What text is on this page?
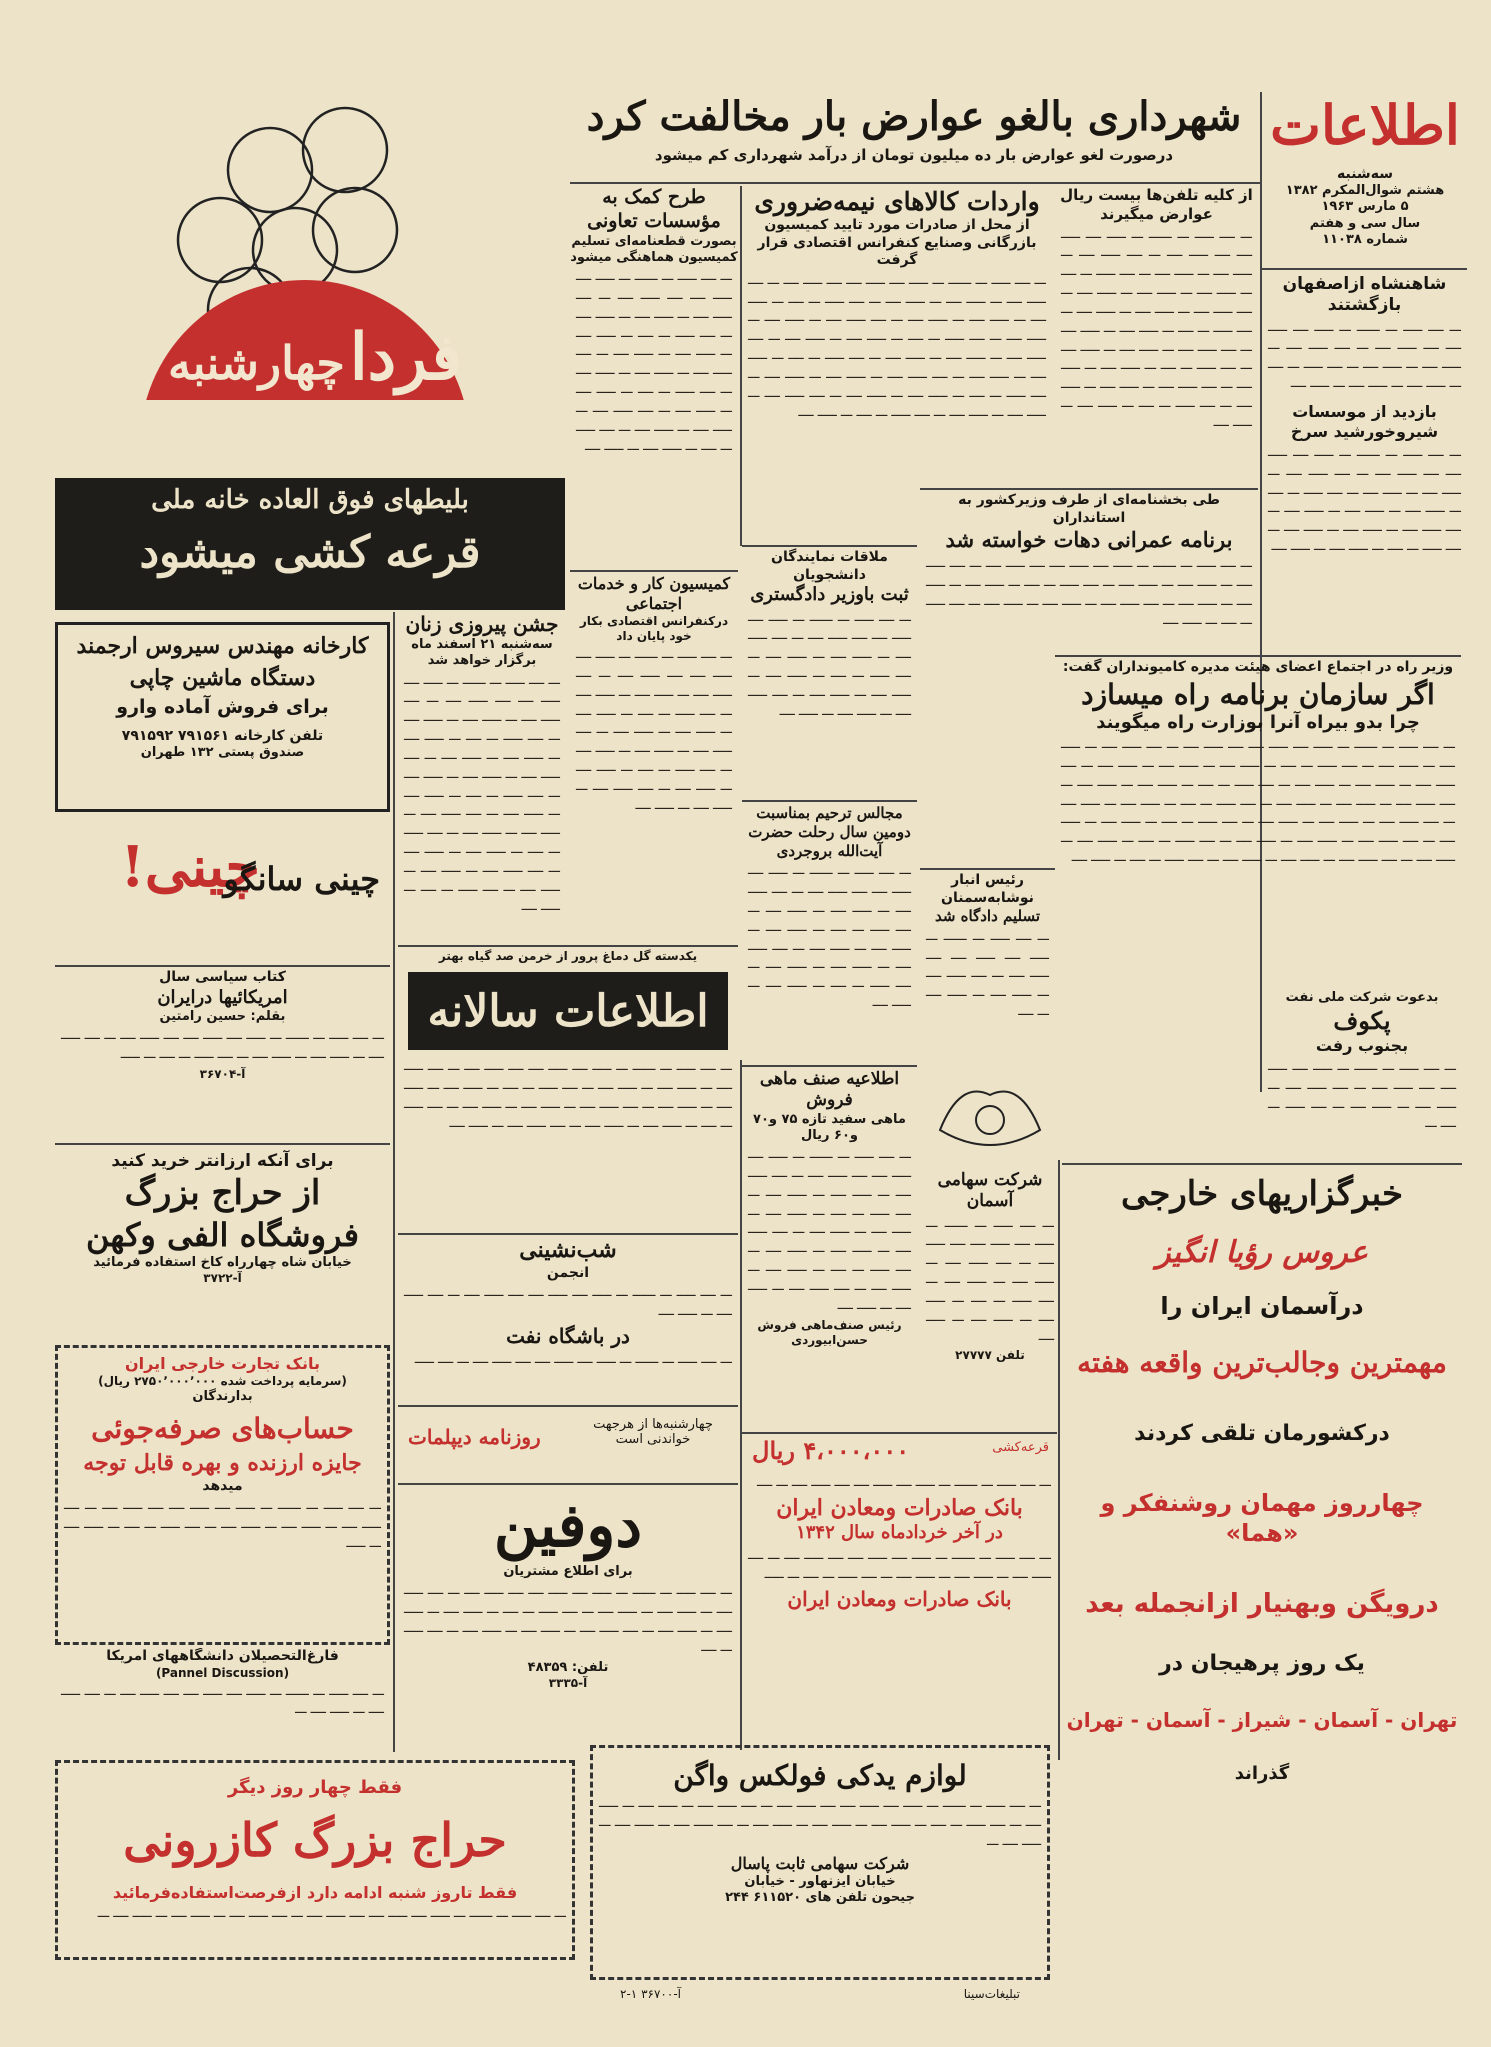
اطلاعات
سه‌شنبه
هشتم شوال‌المکرم ۱۳۸۲
۵ مارس ۱۹۶۳
سال سی و هفتم
شماره ۱۱۰۳۸
شاهنشاه ازاصفهان بازگشتند
ـــ ــــ ـــــ ـــ ــــــ ـــ ـــــ ــــ ـــــ ــــ ــــ ـــــ ــــ ـــ ــــ ـــــ ــــ ـــ ـــــ ــــ ـــ ـــــ ــــ ـــ ــــ ـــــ ـــ ــــ ـــ ـــــ ــــ ـــ ـــــ ــــ ـــ ـــــ ــــ
بازدید از موسسات شیروخورشید سرخ
ـــ ــــ ـــــ ـــ ــــــ ـــ ـــــ ــــ ـــــ ــــ ــــ ـــــ ــــ ـــ ــــ ـــــ ــــ ـــ ـــــ ــــ ـــ ـــــ ــــ ـــ ــــ ـــــ ـــ ــــ ـــ ـــــ ــــ ـــ ـــــ ــــ ـــ ـــــ ــــ ـــ ــــ ـــــ ــــ ـــ ـــــ ــــ ـــ ـــــ ــــ ـــ ــــ ـــــ ـــ ــــ ـــ ـــــ ــــ ـــ ـــــ ــــ
شهرداری بالغو عوارض بار مخالفت کرد
درصورت لغو عوارض بار ده میلیون تومان از درآمد شهرداری کم میشود
از کلیه تلفن‌ها بیست ریال عوارض میگیرند
ـــ ــــ ـــــ ـــ ــــــ ـــ ـــــ ــــ ـــــ ــــ ــــ ـــــ ــــ ـــ ــــ ـــــ ــــ ـــ ـــــ ــــ ـــ ـــــ ــــ ـــ ــــ ـــــ ـــ ــــ ـــ ـــــ ــــ ـــ ـــــ ــــ ـــ ـــــ ــــ ـــ ــــ ـــــ ــــ ـــ ـــــ ــــ ـــ ـــــ ــــ ـــ ــــ ـــــ ـــ ــــ ـــ ـــــ ــــ ـــ ـــــ ــــ ـــ ــــ ـــــ ــــ ـــ ـــــ ــــ ـــ ـــــ ــــ ـــ ــــ ـــــ ـــ ــــ ـــ ـــــ ــــ ـــ ـــــ ــــ ـــ ــــ ـــــ ــــ ـــ ـــــ ــــ ـــ ـــــ ــــ ـــ ــــ ـــــ ـــ ــــ ـــ ـــــ ــــ ـــ ـــــ ــــ
واردات کالاهای نیمه‌ضروری
از محل از صادرات مورد تایید کمیسیون بازرگانی وصنایع کنفرانس اقتصادی قرار گرفت
ـــ ــــ ـــــ ـــ ــــــ ـــ ـــــ ــــ ـــــ ــــ ــــ ـــــ ــــ ـــ ــــ ـــــ ــــ ـــ ـــــ ــــ ـــ ـــــ ــــ ـــ ــــ ـــــ ـــ ــــ ـــ ـــــ ــــ ـــ ـــــ ــــ ـــ ـــــ ــــ ـــ ــــ ـــــ ــــ ـــ ـــــ ــــ ـــ ـــــ ــــ ـــ ــــ ـــــ ـــ ــــ ـــ ـــــ ــــ ـــ ـــــ ــــ ـــ ــــ ـــــ ــــ ـــ ـــــ ــــ ـــ ـــــ ــــ ـــ ــــ ـــــ ـــ ــــ ـــ ـــــ ــــ ـــ ـــــ ــــ ـــ ــــ ـــــ ــــ ـــ ـــــ ــــ ـــ ـــــ ــــ ـــ ــــ ـــــ ـــ ــــ ـــ ـــــ ــــ ـــ ـــــ ــــ ـــ ــــ ـــــ ــــ ـــ ـــــ ــــ ـــ ـــــ ــــ ـــ ــــ ـــــ ـــ ــــ ـــ ـــــ ــــ
طرح کمک به مؤسسات تعاونی
بصورت قطعنامه‌ای تسلیم کمیسیون هماهنگی میشود
ـــ ــــ ـــــ ـــ ــــــ ـــ ـــــ ــــ ـــــ ــــ ــــ ـــــ ــــ ـــ ــــ ـــــ ــــ ـــ ـــــ ــــ ـــ ـــــ ــــ ـــ ــــ ـــــ ـــ ــــ ـــ ـــــ ــــ ـــ ـــــ ــــ ـــ ـــــ ــــ ـــ ــــ ـــــ ــــ ـــ ـــــ ــــ ـــ ـــــ ــــ ـــ ــــ ـــــ ـــ ــــ ـــ ـــــ ــــ ـــ ـــــ ــــ ـــ ــــ ـــــ ــــ ـــ ـــــ ــــ ـــ ـــــ ــــ ـــ ــــ ـــــ ـــ ــــ ـــ ـــــ ــــ ـــ ـــــ ــــ
ملاقات نمایندگان دانشجویان
ثبت باوزیر دادگستری
ـــ ــــ ـــــ ـــ ــــــ ـــ ـــــ ــــ ـــــ ــــ ــــ ـــــ ــــ ـــ ــــ ـــــ ــــ ـــ ـــــ ــــ ـــ ـــــ ــــ ـــ ــــ ـــــ ـــ ــــ ـــ ـــــ ــــ ـــ ـــــ ــــ ـــ ـــــ ــــ ـــ ــــ ـــــ ــــ ـــ ـــــ ــــ ـــ ـــــ ــــ
طی بخشنامه‌ای از طرف وزیرکشور به استانداران
برنامه عمرانی دهات خواسته شد
ـــ ــــ ـــــ ـــ ــــــ ـــ ـــــ ــــ ـــــ ــــ ــــ ـــــ ــــ ـــ ــــ ـــــ ــــ ـــ ـــــ ــــ ـــ ـــــ ــــ ـــ ــــ ـــــ ـــ ــــ ـــ ـــــ ــــ ـــ ـــــ ــــ ـــ ـــــ ــــ ـــ ــــ ـــــ ــــ ـــ ـــــ ــــ ـــ ـــــ ــــ ـــ ــــ ـــــ ـــ ــــ ـــ ـــــ ــــ
کمیسیون کار و خدمات اجتماعی
درکنفرانس اقتصادی بکار خود پایان داد
ـــ ــــ ـــــ ـــ ــــــ ـــ ـــــ ــــ ـــــ ــــ ــــ ـــــ ــــ ـــ ــــ ـــــ ــــ ـــ ـــــ ــــ ـــ ـــــ ــــ ـــ ــــ ـــــ ـــ ــــ ـــ ـــــ ــــ ـــ ـــــ ــــ ـــ ـــــ ــــ ـــ ــــ ـــــ ــــ ـــ ـــــ ــــ ـــ ـــــ ــــ ـــ ــــ ـــــ ـــ ــــ ـــ ـــــ ــــ ـــ ـــــ ــــ ـــ ــــ ـــــ ــــ ـــ ـــــ ــــ ـــ ـــــ ــــ
وزیر راه در اجتماع اعضای هیئت مدیره کامیونداران گفت:
اگر سازمان برنامه راه میسازد
چرا بدو بیراه آنرا بوزارت راه میگویند
ـــ ــــ ـــــ ـــ ــــــ ـــ ـــــ ــــ ـــــ ــــ ــــ ـــــ ــــ ـــ ــــ ـــــ ــــ ـــ ـــــ ــــ ـــ ـــــ ــــ ـــ ــــ ـــــ ـــ ــــ ـــ ـــــ ــــ ـــ ـــــ ــــ ـــ ـــــ ــــ ـــ ــــ ـــــ ــــ ـــ ـــــ ــــ ـــ ـــــ ــــ ـــ ــــ ـــــ ـــ ــــ ـــ ـــــ ــــ ـــ ـــــ ــــ ـــ ــــ ـــــ ــــ ـــ ـــــ ــــ ـــ ـــــ ــــ ـــ ــــ ـــــ ـــ ــــ ـــ ـــــ ــــ ـــ ـــــ ــــ ـــ ــــ ـــــ ــــ ـــ ـــــ ــــ ـــ ـــــ ــــ ـــ ــــ ـــــ ـــ ــــ ـــ ـــــ ــــ ـــ ـــــ ــــ ـــ ــــ ـــــ ــــ ـــ ـــــ ــــ ـــ ـــــ ــــ ـــ ــــ ـــــ ـــ ــــ ـــ ـــــ ــــ ـــ ـــــ ــــ ـــ ــــ ـــــ ــــ ـــ ـــــ ــــ ـــ ـــــ ــــ ـــ ــــ ـــــ ـــ ــــ ـــ ـــــ ــــ
بدعوت شرکت ملی نفت
پکوف
بجنوب رفت
ـــ ــــ ـــــ ـــ ــــــ ـــ ـــــ ــــ ـــــ ــــ ــــ ـــــ ــــ ـــ ــــ ـــــ ــــ ـــ ـــــ ــــ ـــ ـــــ ــــ ـــ ــــ ـــــ ـــ ــــ ـــ
مجالس ترحیم بمناسبت دومین سال رحلت حضرت آیت‌الله بروجردی
ـــ ــــ ـــــ ـــ ــــــ ـــ ـــــ ــــ ـــــ ــــ ــــ ـــــ ــــ ـــ ــــ ـــــ ــــ ـــ ـــــ ــــ ـــ ـــــ ــــ ـــ ــــ ـــــ ـــ ــــ ـــ ـــــ ــــ ـــ ـــــ ــــ ـــ ـــــ ــــ ـــ ــــ ـــــ ــــ ـــ ـــــ ــــ ـــ ـــــ ــــ ـــ ــــ ـــــ ـــ ــــ ـــ ـــــ ــــ ـــ ـــــ ــــ
رئیس انبار نوشابه‌سمنان
تسلیم دادگاه شد
ـــ ــــ ـــــ ـــ ــــــ ـــ ـــــ ــــ ـــــ ــــ ــــ ـــــ ــــ ـــ ــــ ـــــ ــــ ـــ ـــــ ــــ ـــ ـــــ ــــ ـــ ــــ
فردا چهارشنبه
بلیطهای فوق العاده خانه ملی
قرعه کشی میشود
کارخانه مهندس سیروس ارجمند
دستگاه ماشین چاپی
برای فروش آماده وارو
تلفن کارخانه ۷۹۱۵۶۱ ۷۹۱۵۹۲
صندوق پستی ۱۳۲ طهران
چینی!
چینی سانگو
کتاب سیاسی سال
امریکائیها درایران
بقلم: حسین رامتین
ـــ ــــ ـــــ ـــ ــــــ ـــ ـــــ ــــ ـــــ ــــ ــــ ـــــ ــــ ـــ ــــ ـــــ ــــ ـــ ـــــ ــــ ـــ ـــــ ــــ ـــ ــــ ـــــ ـــ ــــ ـــ ـــــ
آ-۳۶۷۰۴
برای آنکه ارزانتر خرید کنید
از حراج بزرگ
فروشگاه الفی وکهن
خیابان شاه چهارراه کاخ استفاده فرمائید
آ-۳۷۲۲
بانک تجارت خارجی ایران
(سرمایه پرداخت شده ۲۷۵۰٬۰۰۰٬۰۰۰ ریال)
بدارندگان
حساب‌های صرفه‌جوئی
جایزه ارزنده و بهره قابل توجه
میدهد
ـــ ــــ ـــــ ـــ ــــــ ـــ ـــــ ــــ ـــــ ــــ ــــ ـــــ ــــ ـــ ــــ ـــــ ــــ ـــ ـــــ ــــ ـــ ـــــ ــــ ـــ ــــ ـــــ ـــ ــــ ـــ ـــــ ــــ ـــ ـــــ
فارغ‌التحصیلان دانشگاههای امریکا
(Pannel Discussion)
ـــ ــــ ـــــ ـــ ــــــ ـــ ـــــ ــــ ـــــ ــــ ــــ ـــــ ــــ ـــ ــــ ـــــ ــــ ـــ ـــــ ــــ ـــ
جشن پیروزی زنان
سه‌شنبه ۲۱ اسفند ماه برگزار خواهد شد
ـــ ــــ ـــــ ـــ ــــــ ـــ ـــــ ــــ ـــــ ــــ ــــ ـــــ ــــ ـــ ــــ ـــــ ــــ ـــ ـــــ ــــ ـــ ـــــ ــــ ـــ ــــ ـــــ ـــ ــــ ـــ ـــــ ــــ ـــ ـــــ ــــ ـــ ـــــ ــــ ـــ ــــ ـــــ ــــ ـــ ـــــ ــــ ـــ ـــــ ــــ ـــ ــــ ـــــ ـــ ــــ ـــ ـــــ ــــ ـــ ـــــ ــــ ـــ ــــ ـــــ ــــ ـــ ـــــ ــــ ـــ ـــــ ــــ ـــ ــــ ـــــ ـــ ــــ ـــ ـــــ ــــ ـــ ـــــ ــــ ـــ ــــ ـــــ ــــ ـــ ـــــ ــــ ـــ ـــــ ــــ ـــ ــــ ـــــ ـــ ــــ ـــ ـــــ ــــ
یکدسته گل دماغ پرور از خرمن صد گیاه بهتر
اطلاعات سالانه
ـــ ــــ ـــــ ـــ ــــــ ـــ ـــــ ــــ ـــــ ــــ ــــ ـــــ ــــ ـــ ــــ ـــــ ــــ ـــ ـــــ ــــ ـــ ـــــ ــــ ـــ ــــ ـــــ ـــ ــــ ـــ ـــــ ــــ ـــ ـــــ ــــ ـــ ـــــ ــــ ـــ ــــ ـــــ ــــ ـــ ـــــ ــــ ـــ ـــــ ــــ ـــ ــــ ـــــ ـــ ــــ ـــ ـــــ ــــ ـــ ـــــ ــــ ـــ ــــ ـــــ ــــ ـــ ـــــ ــــ
شب‌نشینی
انجمن
ـــ ــــ ـــــ ـــ ــــــ ـــ ـــــ ــــ ـــــ ــــ ــــ ـــــ ــــ ـــ ــــ ـــــ ــــ ـــ ـــــ ــــ
در باشگاه نفت
ـــ ــــ ـــــ ـــ ــــــ ـــ ـــــ ــــ ـــــ ــــ ــــ ـــــ ــــ ـــ ــــ ـــــ
روزنامه دیپلمات
چهارشنبه‌ها از هرجهت خواندنی است
دوفین
برای اطلاع مشتریان
ـــ ــــ ـــــ ـــ ــــــ ـــ ـــــ ــــ ـــــ ــــ ــــ ـــــ ــــ ـــ ــــ ـــــ ــــ ـــ ـــــ ــــ ـــ ـــــ ــــ ـــ ــــ ـــــ ـــ ــــ ـــ ـــــ ــــ ـــ ـــــ ــــ ـــ ـــــ ــــ ـــ ــــ ـــــ ــــ ـــ ـــــ ــــ ـــ ـــــ ــــ ـــ ــــ ـــــ ـــ ــــ
تلفن: ۴۸۳۵۹
آ-۳۳۳۵
اطلاعیه صنف ماهی فروش
ماهی سفید تازه ۷۵ و۷۰ و۶۰ ریال
ـــ ــــ ـــــ ـــ ــــــ ـــ ـــــ ــــ ـــــ ــــ ــــ ـــــ ــــ ـــ ــــ ـــــ ــــ ـــ ـــــ ــــ ـــ ـــــ ــــ ـــ ــــ ـــــ ـــ ــــ ـــ ـــــ ــــ ـــ ـــــ ــــ ـــ ـــــ ــــ ـــ ــــ ـــــ ــــ ـــ ـــــ ــــ ـــ ـــــ ــــ ـــ ــــ ـــــ ـــ ــــ ـــ ـــــ ــــ ـــ ـــــ ــــ ـــ ــــ ـــــ ــــ ـــ ـــــ ــــ ـــ ـــــ ــــ
رئیس صنف‌ماهی فروش حسن‌ابیوردی
شرکت سهامی آسمان
ـــ ــــ ـــــ ـــ ــــــ ـــ ـــــ ــــ ـــــ ــــ ــــ ـــــ ــــ ـــ ــــ ـــــ ــــ ـــ ـــــ ــــ ـــ ـــــ ــــ ـــ ــــ ـــــ ـــ ــــ ـــ ـــــ ــــ ـــ ـــــ ــــ ـــ ـــــ ــــ
تلفن ۲۷۷۷۷
قرعه‌کشی
۴،۰۰۰،۰۰۰ ریال
ـــ ــــ ـــــ ـــ ــــــ ـــ ـــــ ــــ ـــــ ــــ ــــ ـــــ ــــ ـــ ــــ
بانک صادرات ومعادن ایران
در آخر خردادماه سال ۱۳۴۲
ـــ ــــ ـــــ ـــ ــــــ ـــ ـــــ ــــ ـــــ ــــ ــــ ـــــ ــــ ـــ ــــ ـــــ ــــ ـــ ـــــ ــــ ـــ ـــــ ــــ ـــ ــــ ـــــ ـــ ــــ ـــ ـــــ
بانک صادرات ومعادن ایران
خبرگزاریهای خارجی
عروس رؤیا انگیز
درآسمان ایران را
مهمترین وجالب‌ترین واقعه هفته
درکشورمان تلقی کردند
چهارروز مهمان روشنفکر و «هما»
درویگن وبهنیار ازانجمله بعد
یک روز پرهیجان در
تهران - آسمان - شیراز - آسمان - تهران
گذراند
فقط چهار روز دیگر
حراج بزرگ کازرونی
فقط تاروز شنبه ادامه دارد ازفرصت‌استفاده‌فرمائید
ـــ ــــ ـــــ ـــ ــــــ ـــ ـــــ ــــ ـــــ ــــ ــــ ـــــ ــــ ـــ ــــ ـــــ ــــ ـــ ـــــ ــــ ـــ ـــــ ــــ ـــ
لوازم یدکی فولکس واگن
ـــ ــــ ـــــ ـــ ــــــ ـــ ـــــ ــــ ـــــ ــــ ــــ ـــــ ــــ ـــ ــــ ـــــ ــــ ـــ ـــــ ــــ ـــ ـــــ ــــ ـــ ــــ ـــــ ـــ ــــ ـــ ـــــ ــــ ـــ ـــــ ــــ ـــ ـــــ ــــ ـــ ــــ ـــــ ــــ ـــ ـــــ ــــ ـــ ـــــ ــــ ـــ
شرکت سهامی ثابت پاسال
خیابان ایزنهاور - خیابان
جیحون تلفن های ۶۱۱۵۲۰ ۲۴۴
آ-۳۶۷۰۰ ۱-۲	تبلیغات‌سینا
